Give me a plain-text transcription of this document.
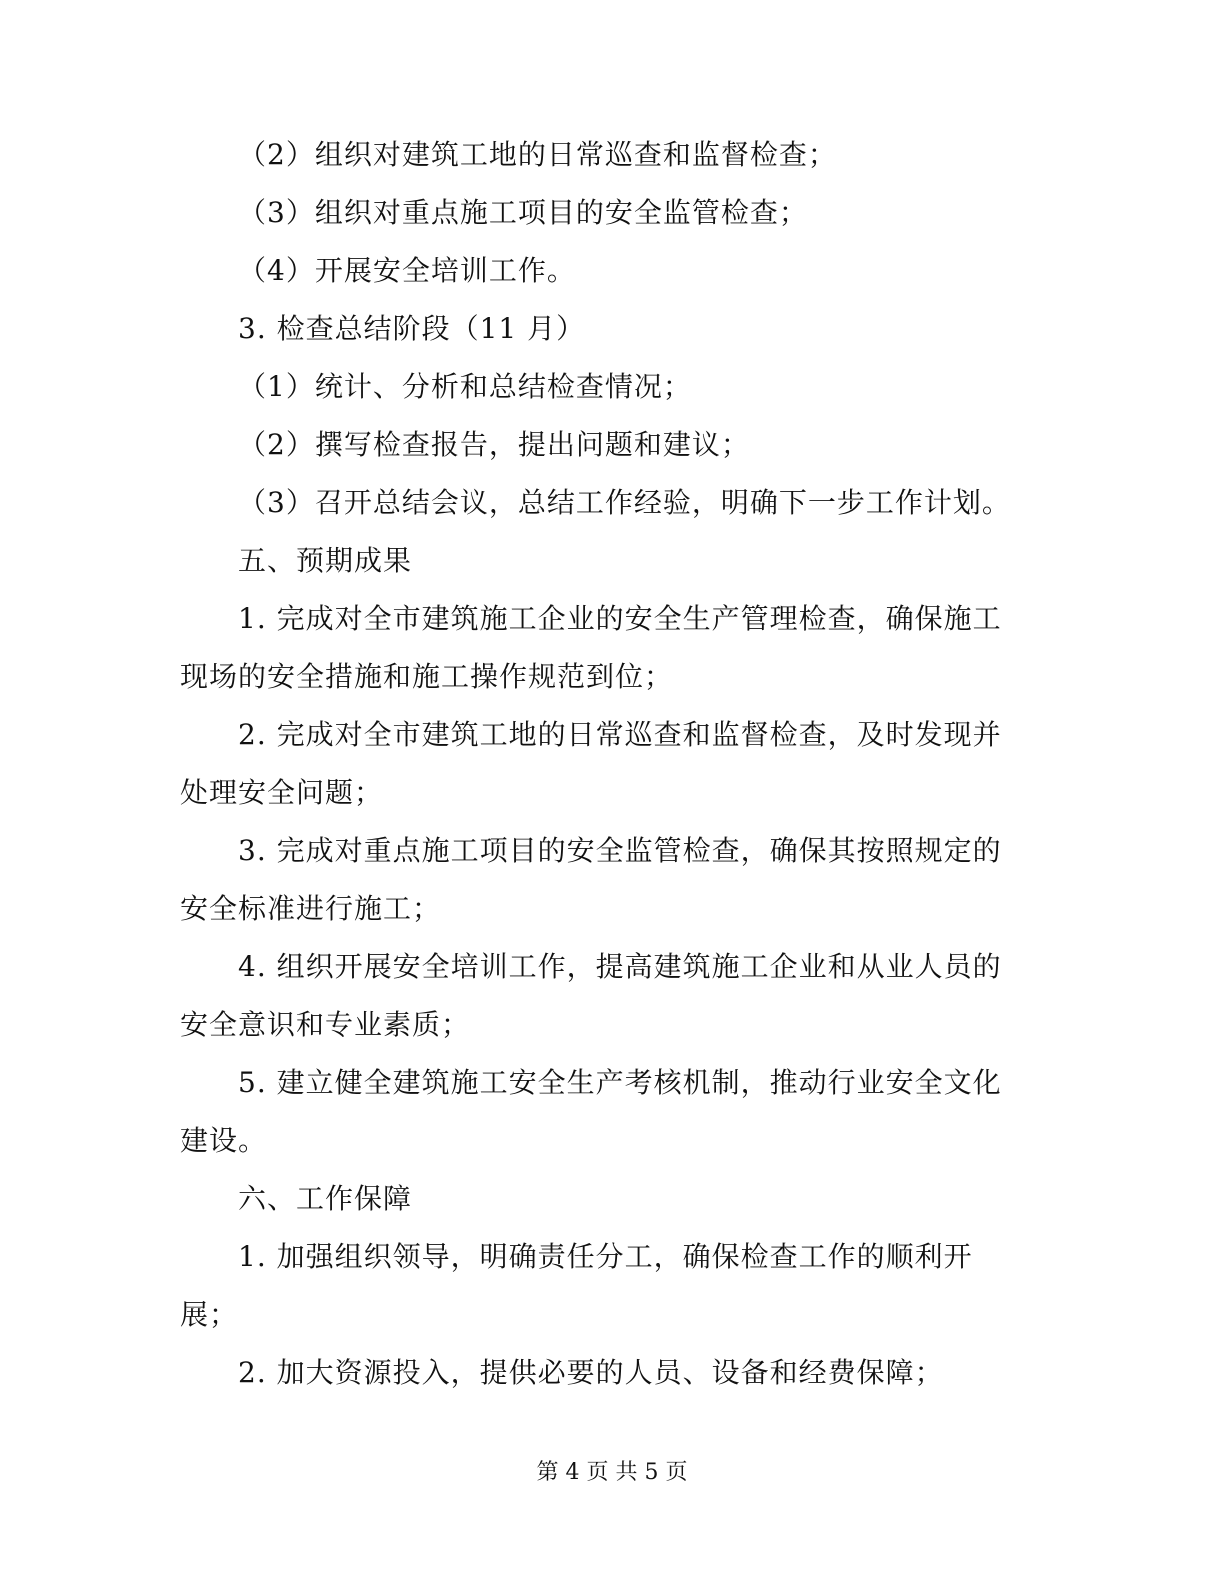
（2）组织对建筑工地的日常巡查和监督检查；
（3）组织对重点施工项目的安全监管检查；
（4）开展安全培训工作。
3. 检查总结阶段（11 月）
（1）统计、分析和总结检查情况；
（2）撰写检查报告，提出问题和建议；
（3）召开总结会议，总结工作经验，明确下一步工作计划。
五、预期成果
1. 完成对全市建筑施工企业的安全生产管理检查，确保施工
现场的安全措施和施工操作规范到位；
2. 完成对全市建筑工地的日常巡查和监督检查，及时发现并
处理安全问题；
3. 完成对重点施工项目的安全监管检查，确保其按照规定的
安全标准进行施工；
4. 组织开展安全培训工作，提高建筑施工企业和从业人员的
安全意识和专业素质；
5. 建立健全建筑施工安全生产考核机制，推动行业安全文化
建设。
六、工作保障
1. 加强组织领导，明确责任分工，确保检查工作的顺利开
展；
2. 加大资源投入，提供必要的人员、设备和经费保障；
第 4 页 共 5 页
